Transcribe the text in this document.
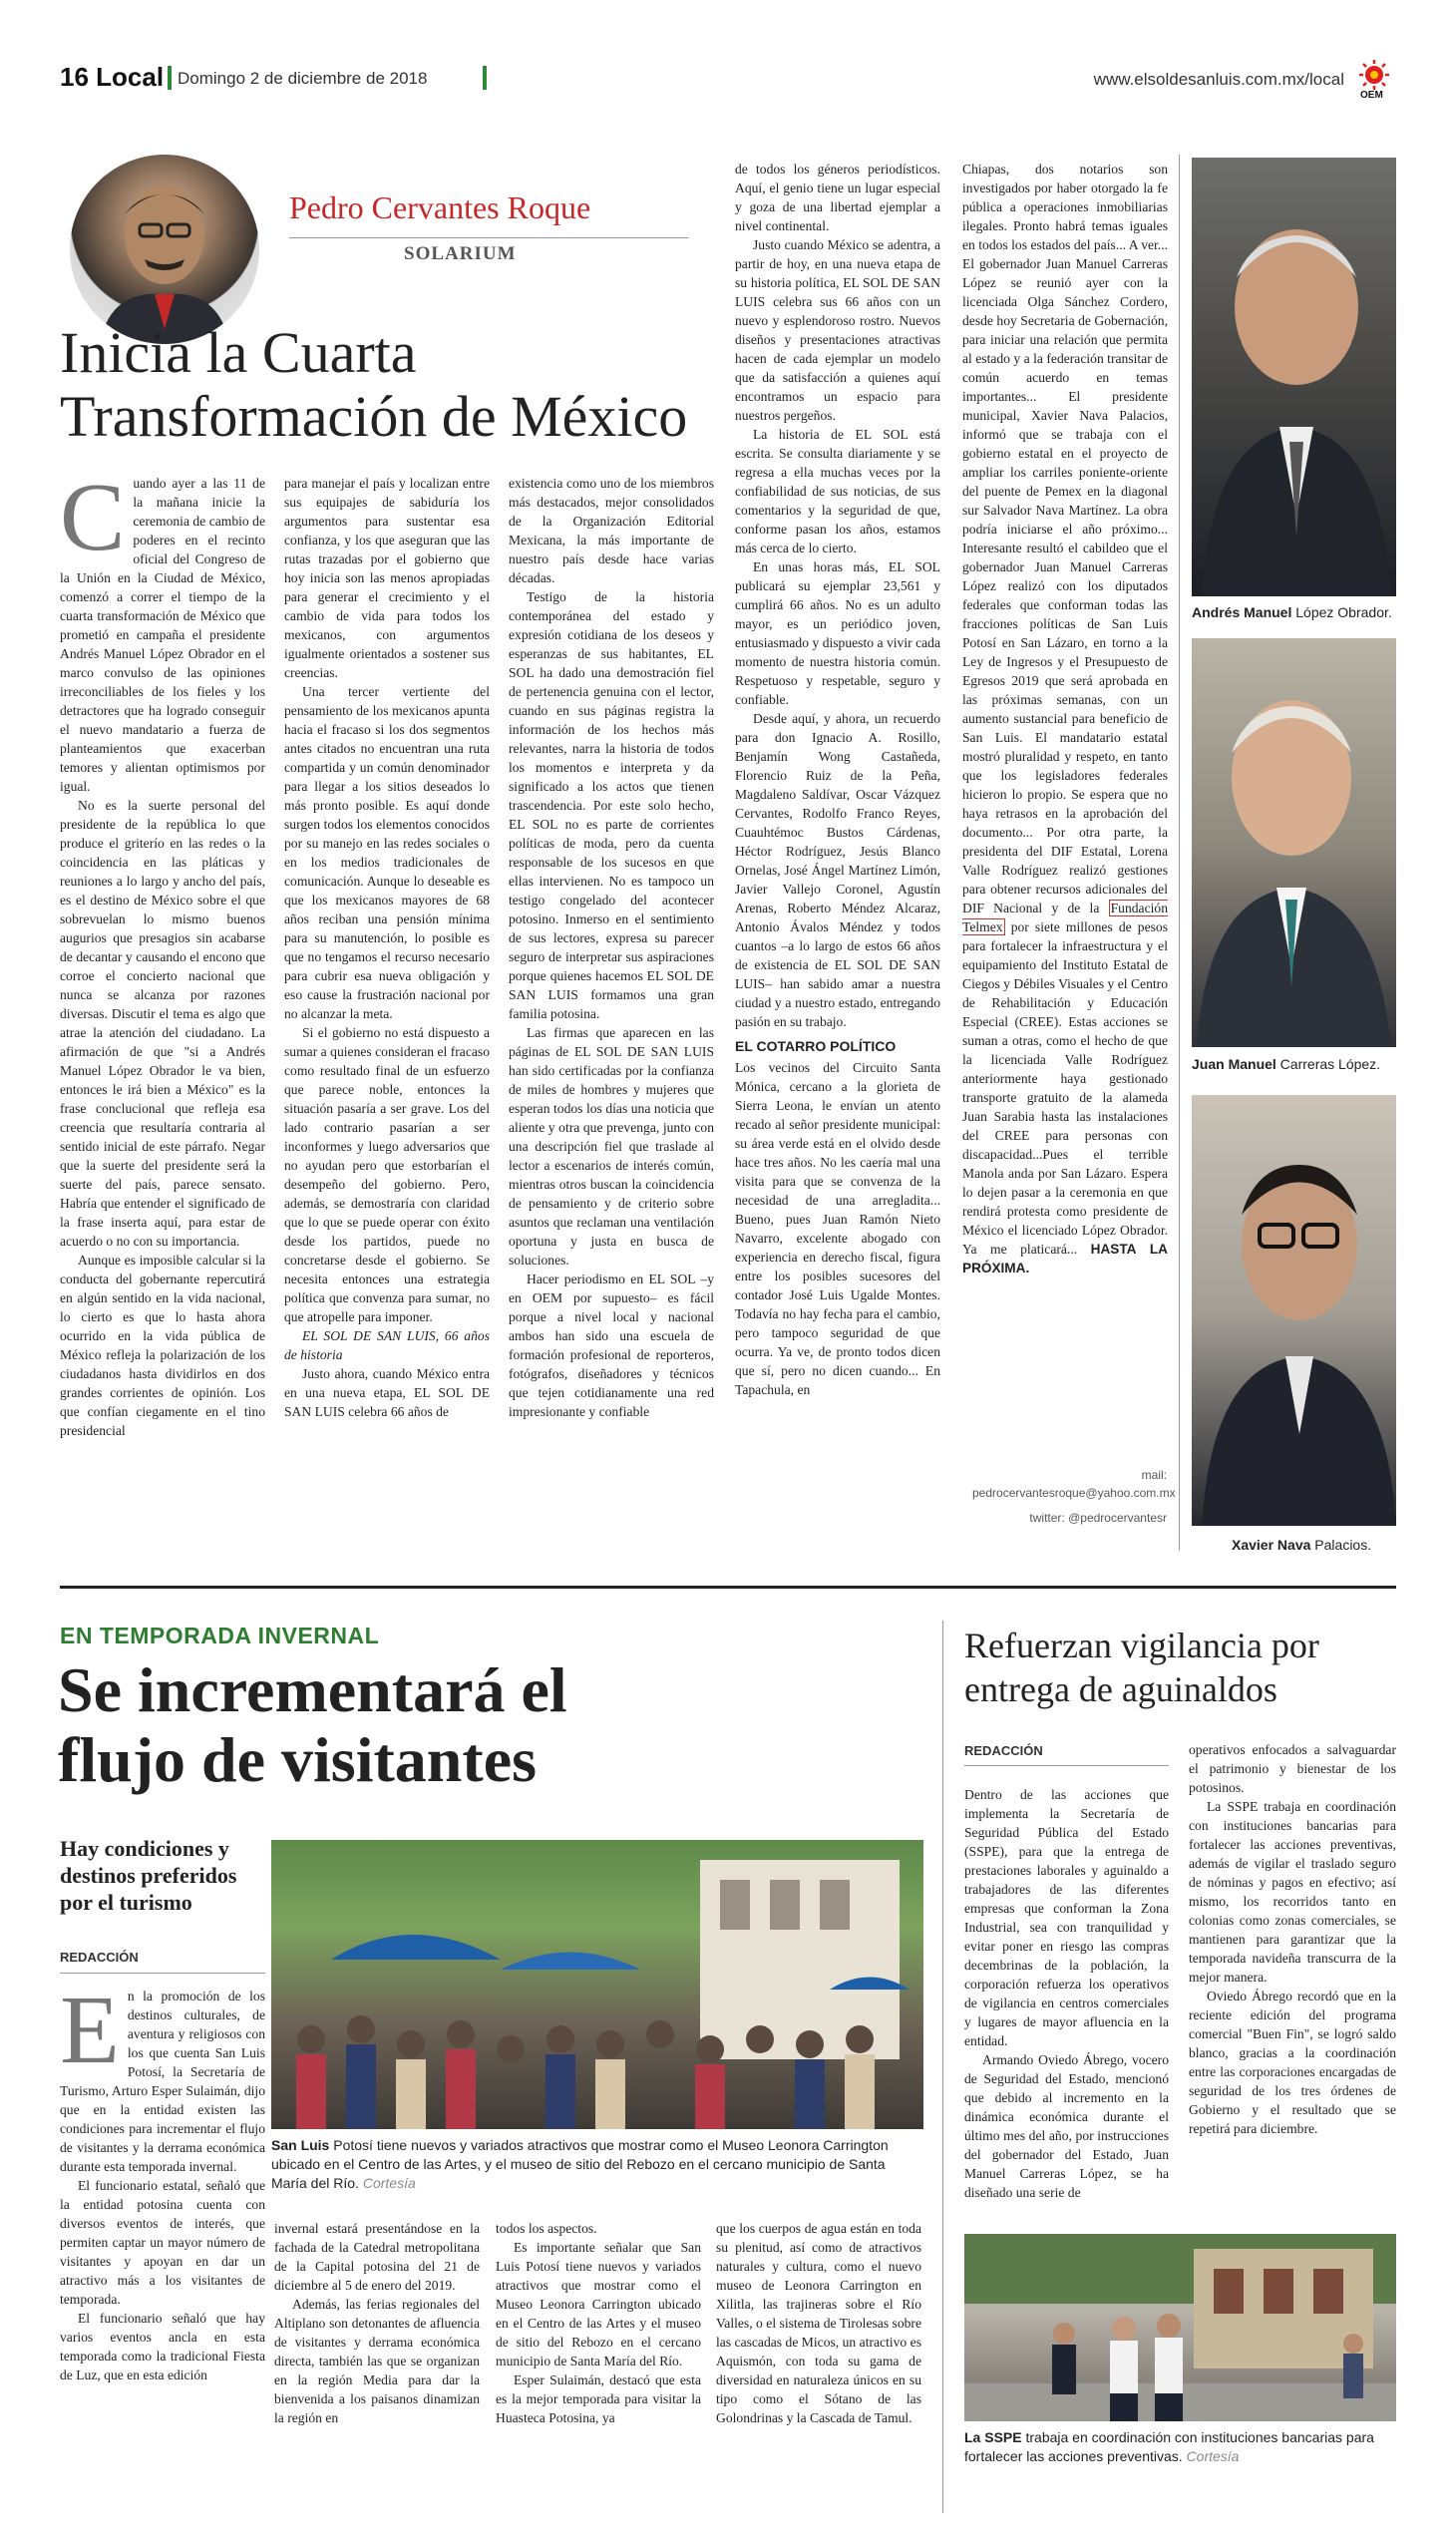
16 Local Domingo 2 de diciembre de 2018	www.elsoldesanluis.com.mx/local
OEM
Pedro Cervantes Roque
SOLARIUM
Inicia la Cuarta
Transformación de México

Cuando ayer a las 11 de la mañana inicie la ceremonia de cambio de poderes en el recinto oficial del Congreso de la Unión en la Ciudad de México, comenzó a correr el tiempo de la cuarta transformación de México que prometió en campaña el presidente Andrés Manuel López Obrador en el marco convulso de las opiniones irreconciliables de los fieles y los detractores que ha logrado conseguir el nuevo mandatario a fuerza de planteamientos que exacerban temores y alientan optimismos por igual.

No es la suerte personal del presidente de la república lo que produce el griterío en las redes o la coincidencia en las pláticas y reuniones a lo largo y ancho del país, es el destino de México sobre el que sobrevuelan lo mismo buenos augurios que presagios sin acabarse de decantar y causando el encono que corroe el concierto nacional que nunca se alcanza por razones diversas. Discutir el tema es algo que atrae la atención del ciudadano. La afirmación de que "si a Andrés Manuel López Obrador le va bien, entonces le irá bien a México" es la frase conclucional que refleja esa creencia que resultaría contraria al sentido inicial de este párrafo. Negar que la suerte del presidente será la suerte del país, parece sensato. Habría que entender el significado de la frase inserta aquí, para estar de acuerdo o no con su importancia.

Aunque es imposible calcular si la conducta del gobernante repercutirá en algún sentido en la vida nacional, lo cierto es que lo hasta ahora ocurrido en la vida pública de México refleja la polarización de los ciudadanos hasta dividirlos en dos grandes corrientes de opinión. Los que confían ciegamente en el tino presidencial

para manejar el país y localizan entre sus equipajes de sabiduría los argumentos para sustentar esa confianza, y los que aseguran que las rutas trazadas por el gobierno que hoy inicia son las menos apropiadas para generar el crecimiento y el cambio de vida para todos los mexicanos, con argumentos igualmente orientados a sostener sus creencias.

Una tercer vertiente del pensamiento de los mexicanos apunta hacia el fracaso si los dos segmentos antes citados no encuentran una ruta compartida y un común denominador para llegar a los sitios deseados lo más pronto posible. Es aquí donde surgen todos los elementos conocidos por su manejo en las redes sociales o en los medios tradicionales de comunicación. Aunque lo deseable es que los mexicanos mayores de 68 años reciban una pensión mínima para su manutención, lo posible es que no tengamos el recurso necesario para cubrir esa nueva obligación y eso cause la frustración nacional por no alcanzar la meta.

Si el gobierno no está dispuesto a sumar a quienes consideran el fracaso como resultado final de un esfuerzo que parece noble, entonces la situación pasaría a ser grave. Los del lado contrario pasarían a ser inconformes y luego adversarios que no ayudan pero que estorbarían el desempeño del gobierno. Pero, además, se demostraría con claridad que lo que se puede operar con éxito desde los partidos, puede no concretarse desde el gobierno. Se necesita entonces una estrategia política que convenza para sumar, no que atropelle para imponer.

EL SOL DE SAN LUIS, 66 años de historia

Justo ahora, cuando México entra en una nueva etapa, EL SOL DE SAN LUIS celebra 66 años de

existencia como uno de los miembros más destacados, mejor consolidados de la Organización Editorial Mexicana, la más importante de nuestro país desde hace varias décadas.

Testigo de la historia contemporánea del estado y expresión cotidiana de los deseos y esperanzas de sus habitantes, EL SOL ha dado una demostración fiel de pertenencia genuina con el lector, cuando en sus páginas registra la información de los hechos más relevantes, narra la historia de todos los momentos e interpreta y da significado a los actos que tienen trascendencia. Por este solo hecho, EL SOL no es parte de corrientes políticas de moda, pero da cuenta responsable de los sucesos en que ellas intervienen. No es tampoco un testigo congelado del acontecer potosino. Inmerso en el sentimiento de sus lectores, expresa su parecer seguro de interpretar sus aspiraciones porque quienes hacemos EL SOL DE SAN LUIS formamos una gran familia potosina.

Las firmas que aparecen en las páginas de EL SOL DE SAN LUIS han sido certificadas por la confianza de miles de hombres y mujeres que esperan todos los días una noticia que aliente y otra que prevenga, junto con una descripción fiel que traslade al lector a escenarios de interés común, mientras otros buscan la coincidencia de pensamiento y de criterio sobre asuntos que reclaman una ventilación oportuna y justa en busca de soluciones.

Hacer periodismo en EL SOL –y en OEM por supuesto– es fácil porque a nivel local y nacional ambos han sido una escuela de formación profesional de reporteros, fotógrafos, diseñadores y técnicos que tejen cotidianamente una red impresionante y confiable

de todos los géneros periodísticos. Aquí, el genio tiene un lugar especial y goza de una libertad ejemplar a nivel continental.

Justo cuando México se adentra, a partir de hoy, en una nueva etapa de su historia política, EL SOL DE SAN LUIS celebra sus 66 años con un nuevo y esplendoroso rostro. Nuevos diseños y presentaciones atractivas hacen de cada ejemplar un modelo que da satisfacción a quienes aquí encontramos un espacio para nuestros pergeños.

La historia de EL SOL está escrita. Se consulta diariamente y se regresa a ella muchas veces por la confiabilidad de sus noticias, de sus comentarios y la seguridad de que, conforme pasan los años, estamos más cerca de lo cierto.

En unas horas más, EL SOL publicará su ejemplar 23,561 y cumplirá 66 años. No es un adulto mayor, es un periódico joven, entusiasmado y dispuesto a vivir cada momento de nuestra historia común. Respetuoso y respetable, seguro y confiable.

Desde aquí, y ahora, un recuerdo para don Ignacio A. Rosillo, Benjamín Wong Castañeda, Florencio Ruiz de la Peña, Magdaleno Saldívar, Oscar Vázquez Cervantes, Rodolfo Franco Reyes, Cuauhtémoc Bustos Cárdenas, Héctor Rodríguez, Jesús Blanco Ornelas, José Ángel Martínez Limón, Javier Vallejo Coronel, Agustín Arenas, Roberto Méndez Alcaraz, Antonio Ávalos Méndez y todos cuantos –a lo largo de estos 66 años de existencia de EL SOL DE SAN LUIS– han sabido amar a nuestra ciudad y a nuestro estado, entregando pasión en su trabajo.

EL COTARRO POLÍTICO

Los vecinos del Circuito Santa Mónica, cercano a la glorieta de Sierra Leona, le envían un atento recado al señor presidente municipal: su área verde está en el olvido desde hace tres años. No les caería mal una visita para que se convenza de la necesidad de una arregladita... Bueno, pues Juan Ramón Nieto Navarro, excelente abogado con experiencia en derecho fiscal, figura entre los posibles sucesores del contador José Luis Ugalde Montes. Todavía no hay fecha para el cambio, pero tampoco seguridad de que ocurra. Ya ve, de pronto todos dicen que sí, pero no dicen cuando... En Tapachula, en

Chiapas, dos notarios son investigados por haber otorgado la fe pública a operaciones inmobiliarias ilegales. Pronto habrá temas iguales en todos los estados del país... A ver... El gobernador Juan Manuel Carreras López se reunió ayer con la licenciada Olga Sánchez Cordero, desde hoy Secretaria de Gobernación, para iniciar una relación que permita al estado y a la federación transitar de común acuerdo en temas importantes... El presidente municipal, Xavier Nava Palacios, informó que se trabaja con el gobierno estatal en el proyecto de ampliar los carriles poniente-oriente del puente de Pemex en la diagonal sur Salvador Nava Martínez. La obra podría iniciarse el año próximo... Interesante resultó el cabildeo que el gobernador Juan Manuel Carreras López realizó con los diputados federales que conforman todas las fracciones políticas de San Luis Potosí en San Lázaro, en torno a la Ley de Ingresos y el Presupuesto de Egresos 2019 que será aprobada en las próximas semanas, con un aumento sustancial para beneficio de San Luis. El mandatario estatal mostró pluralidad y respeto, en tanto que los legisladores federales hicieron lo propio. Se espera que no haya retrasos en la aprobación del documento... Por otra parte, la presidenta del DIF Estatal, Lorena Valle Rodríguez realizó gestiones para obtener recursos adicionales del DIF Nacional y de la Fundación Telmex por siete millones de pesos para fortalecer la infraestructura y el equipamiento del Instituto Estatal de Ciegos y Débiles Visuales y el Centro de Rehabilitación y Educación Especial (CREE). Estas acciones se suman a otras, como el hecho de que la licenciada Valle Rodríguez anteriormente haya gestionado transporte gratuito de la alameda Juan Sarabia hasta las instalaciones del CREE para personas con discapacidad...Pues el terrible Manola anda por San Lázaro. Espera lo dejen pasar a la ceremonia en que rendirá protesta como presidente de México el licenciado López Obrador. Ya me platicará... HASTA LA PRÓXIMA.

mail: pedrocervantesroque@yahoo.com.mx
twitter: @pedrocervantesr
Andrés Manuel López Obrador.
Juan Manuel Carreras López.
Xavier Nava Palacios.
EN TEMPORADA INVERNAL
Se incrementará el
flujo de visitantes
Hay condiciones y destinos preferidos por el turismo
REDACCIÓN

En la promoción de los destinos culturales, de aventura y religiosos con los que cuenta San Luis Potosí, la Secretaría de Turismo, Arturo Esper Sulaimán, dijo que en la entidad existen las condiciones para incrementar el flujo de visitantes y la derrama económica durante esta temporada invernal.

El funcionario estatal, señaló que la entidad potosina cuenta con diversos eventos de interés, que permiten captar un mayor número de visitantes y apoyan en dar un atractivo más a los visitantes de temporada.

El funcionario señaló que hay varios eventos ancla en esta temporada como la tradicional Fiesta de Luz, que en esta edición

San Luis Potosí tiene nuevos y variados atractivos que mostrar como el Museo Leonora Carrington ubicado en el Centro de las Artes, y el museo de sitio del Rebozo en el cercano municipio de Santa María del Río. Cortesía

invernal estará presentándose en la fachada de la Catedral metropolitana de la Capital potosina del 21 de diciembre al 5 de enero del 2019.

Además, las ferias regionales del Altiplano son detonantes de afluencia de visitantes y derrama económica directa, también las que se organizan en la región Media para dar la bienvenida a los paisanos dinamizan la región en

todos los aspectos.

Es importante señalar que San Luis Potosí tiene nuevos y variados atractivos que mostrar como el Museo Leonora Carrington ubicado en el Centro de las Artes y el museo de sitio del Rebozo en el cercano municipio de Santa María del Río.

Esper Sulaimán, destacó que esta es la mejor temporada para visitar la Huasteca Potosina, ya

que los cuerpos de agua están en toda su plenitud, así como de atractivos naturales y cultura, como el nuevo museo de Leonora Carrington en Xilitla, las trajineras sobre el Río Valles, o el sistema de Tirolesas sobre las cascadas de Micos, un atractivo es Aquismón, con toda su gama de diversidad en naturaleza únicos en su tipo como el Sótano de las Golondrinas y la Cascada de Tamul.

Refuerzan vigilancia por
entrega de aguinaldos
REDACCIÓN

Dentro de las acciones que implementa la Secretaría de Seguridad Pública del Estado (SSPE), para que la entrega de prestaciones laborales y aguinaldo a trabajadores de las diferentes empresas que conforman la Zona Industrial, sea con tranquilidad y evitar poner en riesgo las compras decembrinas de la población, la corporación refuerza los operativos de vigilancia en centros comerciales y lugares de mayor afluencia en la entidad.

Armando Oviedo Ábrego, vocero de Seguridad del Estado, mencionó que debido al incremento en la dinámica económica durante el último mes del año, por instrucciones del gobernador del Estado, Juan Manuel Carreras López, se ha diseñado una serie de

operativos enfocados a salvaguardar el patrimonio y bienestar de los potosinos.

La SSPE trabaja en coordinación con instituciones bancarias para fortalecer las acciones preventivas, además de vigilar el traslado seguro de nóminas y pagos en efectivo; así mismo, los recorridos tanto en colonias como zonas comerciales, se mantienen para garantizar que la temporada navideña transcurra de la mejor manera.

Oviedo Ábrego recordó que en la reciente edición del programa comercial "Buen Fin", se logró saldo blanco, gracias a la coordinación entre las corporaciones encargadas de seguridad de los tres órdenes de Gobierno y el resultado que se repetirá para diciembre.

La SSPE trabaja en coordinación con instituciones bancarias para fortalecer las acciones preventivas. Cortesía
